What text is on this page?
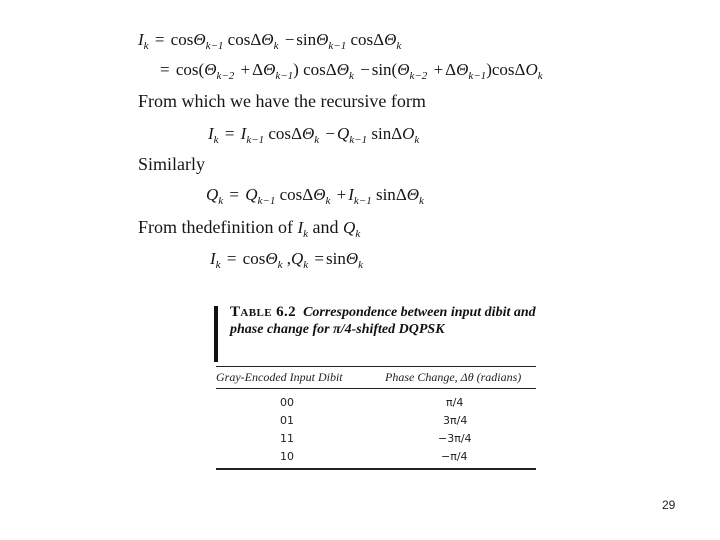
$I_k = \cos\Theta_{k-1}$ cosΔΘ$_k$ − sinΘ$_{k-1}$ cosΔΘ$_k$
= $\cos(\Theta_{k-2} + \Delta\Theta_{k-1}) \cos\Delta\Theta_k - \sin(\Theta_{k-2} + \Delta\Theta_{k-1})\cos\Delta O_k$
From which we have the recursive form
$I_k = I_{k-1}$ $\cos\Delta\Theta_k - Q_{k-1}$ sinΔO$_k$
Similarly
$Q_k = Q_{k-1}$ $\cos\Delta\Theta_k + I_{k-1}$ sinΔΘ$_k$
From thedefinition of $I_k$ and $Q_k$
$I_k = \cos\Theta_k$ $,Q_k = \sin\Theta_k$
Table 6.2 Correspondence between input dibit and phase change for π/4-shifted DQPSK
Gray-Encoded Input Dibit	Phase Change, Δθ (radians)
00	π/4
01	3π/4
11	−3π/4
10	−π/4
29
